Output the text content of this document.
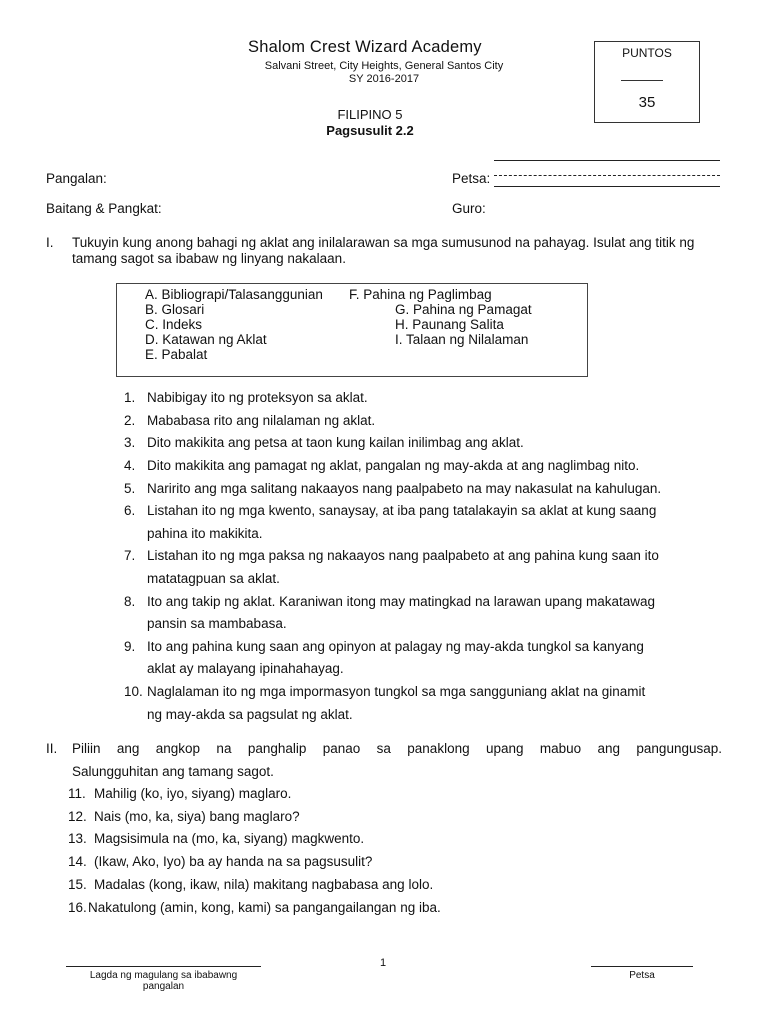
Shalom Crest Wizard Academy
Salvani Street, City Heights, General Santos City
SY 2016-2017
FILIPINO 5
Pagsusulit 2.2
PUNTOS
35
Pangalan:	Petsa:
Baitang & Pangkat:	Guro:
I. Tukuyin kung anong bahagi ng aklat ang inilalarawan sa mga sumusunod na pahayag. Isulat ang titik ng tamang sagot sa ibabaw ng linyang nakalaan.
A. Bibliograpi/Talasanggunian
B. Glosari
C. Indeks
D. Katawan ng Aklat
E. Pabalat
F. Pahina ng Paglimbag
G. Pahina ng Pamagat
H. Paunang Salita
I. Talaan ng Nilalaman
1. Nabibigay ito ng proteksyon sa aklat.
2. Mababasa rito ang nilalaman ng aklat.
3. Dito makikita ang petsa at taon kung kailan inilimbag ang aklat.
4. Dito makikita ang pamagat ng aklat, pangalan ng may-akda at ang naglimbag nito.
5. Naririto ang mga salitang nakaayos nang paalpabeto na may nakasulat na kahulugan.
6. Listahan ito ng mga kwento, sanaysay, at iba pang tatalakayin sa aklat at kung saang
pahina ito makikita.
7. Listahan ito ng mga paksa ng nakaayos nang paalpabeto at ang pahina kung saan ito
matatagpuan sa aklat.
8. Ito ang takip ng aklat. Karaniwan itong may matingkad na larawan upang makatawag
pansin sa mambabasa.
9. Ito ang pahina kung saan ang opinyon at palagay ng may-akda tungkol sa kanyang
aklat ay malayang ipinahahayag.
10. Naglalaman ito ng mga impormasyon tungkol sa mga sangguniang aklat na ginamit
ng may-akda sa pagsulat ng aklat.
II. Piliin ang angkop na panghalip panao sa panaklong upang mabuo ang pangungusap.
Salungguhitan ang tamang sagot.
11. Mahilig (ko, iyo, siyang) maglaro.
12. Nais (mo, ka, siya) bang maglaro?
13. Magsisimula na (mo, ka, siyang) magkwento.
14. (Ikaw, Ako, Iyo) ba ay handa na sa pagsusulit?
15. Madalas (kong, ikaw, nila) makitang nagbabasa ang lolo.
16. Nakatulong (amin, kong, kami) sa pangangailangan ng iba.
Lagda ng magulang sa ibabawng
pangalan
1
Petsa
